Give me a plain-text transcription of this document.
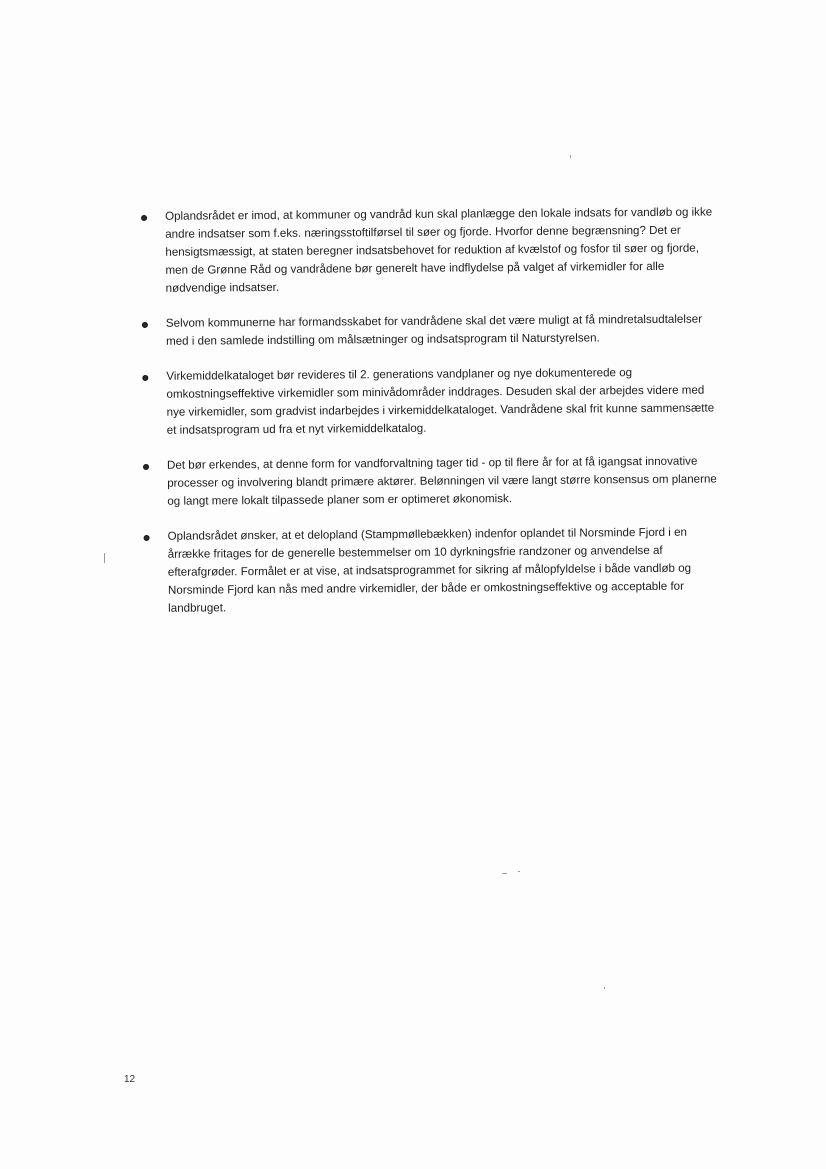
Oplandsrådet er imod, at kommuner og vandråd kun skal planlægge den lokale indsats for vandløb og ikke andre indsatser som f.eks. næringsstoftilførsel til søer og fjorde. Hvorfor denne begrænsning? Det er hensigtsmæssigt, at staten beregner indsatsbehovet for reduktion af kvælstof og fosfor til søer og fjorde, men de Grønne Råd og vandrådene bør generelt have indflydelse på valget af virkemidler for alle nødvendige indsatser.
Selvom kommunerne har formandsskabet for vandrådene skal det være muligt at få mindretalsudtalelser med i den samlede indstilling om målsætninger og indsatsprogram til Naturstyrelsen.
Virkemiddelkataloget bør revideres til 2. generations vandplaner og nye dokumenterede og omkostningseffektive virkemidler som minivådområder inddrages. Desuden skal der arbejdes videre med nye virkemidler, som gradvist indarbejdes i virkemiddelkataloget. Vandrådene skal frit kunne sammensætte et indsatsprogram ud fra et nyt virkemiddelkatalog.
Det bør erkendes, at denne form for vandforvaltning tager tid - op til flere år for at få igangsat innovative processer og involvering blandt primære aktører. Belønningen vil være langt større konsensus om planerne og langt mere lokalt tilpassede planer som er optimeret økonomisk.
Oplandsrådet ønsker, at et delopland (Stampmøllebækken) indenfor oplandet til Norsminde Fjord i en årrække fritages for de generelle bestemmelser om 10 dyrkningsfrie randzoner og anvendelse af efterafgrøder. Formålet er at vise, at indsatsprogrammet for sikring af målopfyldelse i både vandløb og Norsminde Fjord kan nås med andre virkemidler, der både er omkostningseffektive og acceptable for landbruget.
12
